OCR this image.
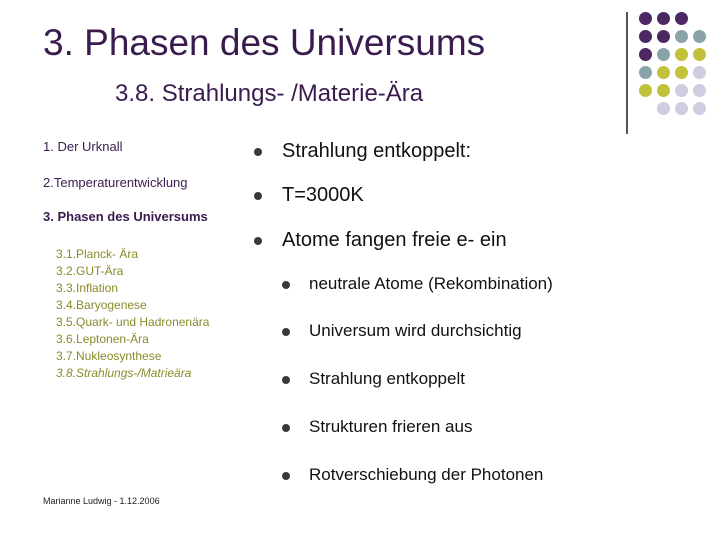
3. Phasen des Universums
3.8. Strahlungs- /Materie-Ära
1. Der Urknall
2.Temperaturentwicklung
3. Phasen des Universums
3.1.Planck- Ära
3.2.GUT-Ära
3.3.Inflation
3.4.Baryogenese
3.5.Quark- und Hadronenära
3.6.Leptonen-Ära
3.7.Nukleosynthese
3.8.Strahlungs-/Matrieära
Marianne Ludwig - 1.12.2006
Strahlung entkoppelt:
T=3000K
Atome fangen freie e- ein
neutrale Atome (Rekombination)
Universum wird durchsichtig
Strahlung entkoppelt
Strukturen frieren aus
Rotverschiebung der Photonen
